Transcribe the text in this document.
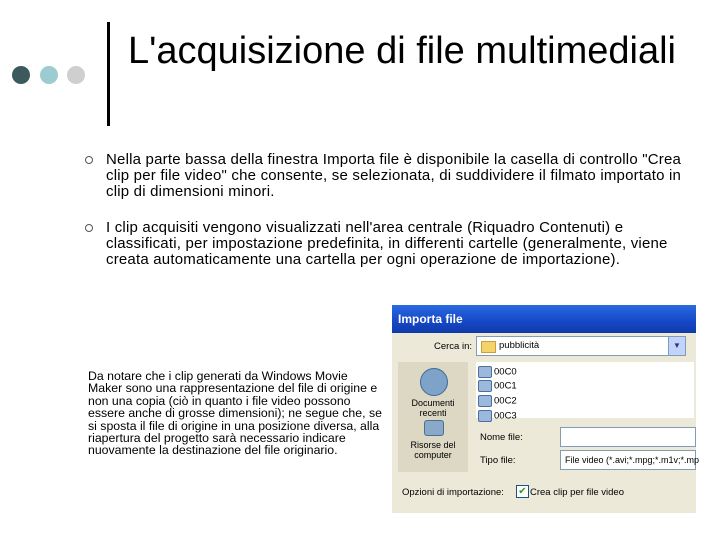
L'acquisizione di file multimediali
Nella parte bassa della finestra Importa file è disponibile la casella di controllo "Crea clip per file video" che consente, se selezionata, di suddividere il filmato importato in clip di dimensioni minori.
I clip acquisiti vengono visualizzati nell'area centrale (Riquadro Contenuti) e classificati, per impostazione predefinita, in differenti cartelle (generalmente, viene creata automaticamente una cartella per ogni operazione de importazione).
Importa file
Cerca in:	pubblicità	▼
Documenti recenti
Risorse del computer
00C0
00C1
00C2
00C3
Nome file:
Tipo file:	File video (*.avi;*.mpg;*.m1v;*.mp
Opzioni di importazione: ✔ Crea clip per file video
Da notare che i clip generati da Windows Movie Maker sono una rappresentazione del file di origine e non una copia (ciò in quanto i file video possono essere anche di grosse dimensioni); ne segue che, se si sposta il file di origine in una posizione diversa, alla riapertura del progetto sarà necessario indicare nuovamente la destinazione del file originario.
